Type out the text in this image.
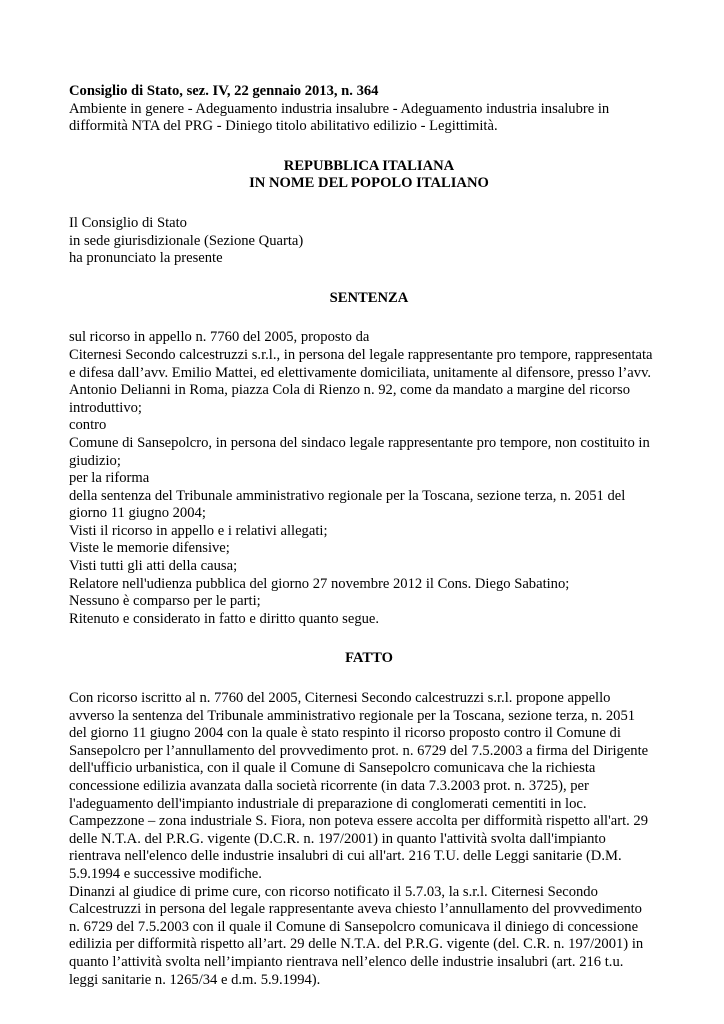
Consiglio di Stato, sez. IV, 22 gennaio 2013, n. 364
Ambiente in genere - Adeguamento industria insalubre - Adeguamento industria insalubre in
difformità NTA del PRG - Diniego titolo abilitativo edilizio - Legittimità.
REPUBBLICA ITALIANA
IN NOME DEL POPOLO ITALIANO
Il Consiglio di Stato
in sede giurisdizionale (Sezione Quarta)
ha pronunciato la presente
SENTENZA
sul ricorso in appello n. 7760 del 2005, proposto da
Citernesi Secondo calcestruzzi s.r.l., in persona del legale rappresentante pro tempore, rappresentata
e difesa dall’avv. Emilio Mattei, ed elettivamente domiciliata, unitamente al difensore, presso l’avv.
Antonio Delianni in Roma, piazza Cola di Rienzo n. 92, come da mandato a margine del ricorso
introduttivo;
contro
Comune di Sansepolcro, in persona del sindaco legale rappresentante pro tempore, non costituito in
giudizio;
per la riforma
della sentenza del Tribunale amministrativo regionale per la Toscana, sezione terza, n. 2051 del
giorno 11 giugno 2004;
Visti il ricorso in appello e i relativi allegati;
Viste le memorie difensive;
Visti tutti gli atti della causa;
Relatore nell'udienza pubblica del giorno 27 novembre 2012 il Cons. Diego Sabatino;
Nessuno è comparso per le parti;
Ritenuto e considerato in fatto e diritto quanto segue.
FATTO
Con ricorso iscritto al n. 7760 del 2005, Citernesi Secondo calcestruzzi s.r.l. propone appello
avverso la sentenza del Tribunale amministrativo regionale per la Toscana, sezione terza, n. 2051
del giorno 11 giugno 2004 con la quale è stato respinto il ricorso proposto contro il Comune di
Sansepolcro per l’annullamento del provvedimento prot. n. 6729 del 7.5.2003 a firma del Dirigente
dell'ufficio urbanistica, con il quale il Comune di Sansepolcro comunicava che la richiesta
concessione edilizia avanzata dalla società ricorrente (in data 7.3.2003 prot. n. 3725), per
l'adeguamento dell'impianto industriale di preparazione di conglomerati cementiti in loc.
Campezzone – zona industriale S. Fiora, non poteva essere accolta per difformità rispetto all'art. 29
delle N.T.A. del P.R.G. vigente (D.C.R. n. 197/2001) in quanto l'attività svolta dall'impianto
rientrava nell'elenco delle industrie insalubri di cui all'art. 216 T.U. delle Leggi sanitarie (D.M.
5.9.1994 e successive modifiche.
Dinanzi al giudice di prime cure, con ricorso notificato il 5.7.03, la s.r.l. Citernesi Secondo
Calcestruzzi in persona del legale rappresentante aveva chiesto l’annullamento del provvedimento
n. 6729 del 7.5.2003 con il quale il Comune di Sansepolcro comunicava il diniego di concessione
edilizia per difformità rispetto all’art. 29 delle N.T.A. del P.R.G. vigente (del. C.R. n. 197/2001) in
quanto l’attività svolta nell’impianto rientrava nell’elenco delle industrie insalubri (art. 216 t.u.
leggi sanitarie n. 1265/34 e d.m. 5.9.1994).
